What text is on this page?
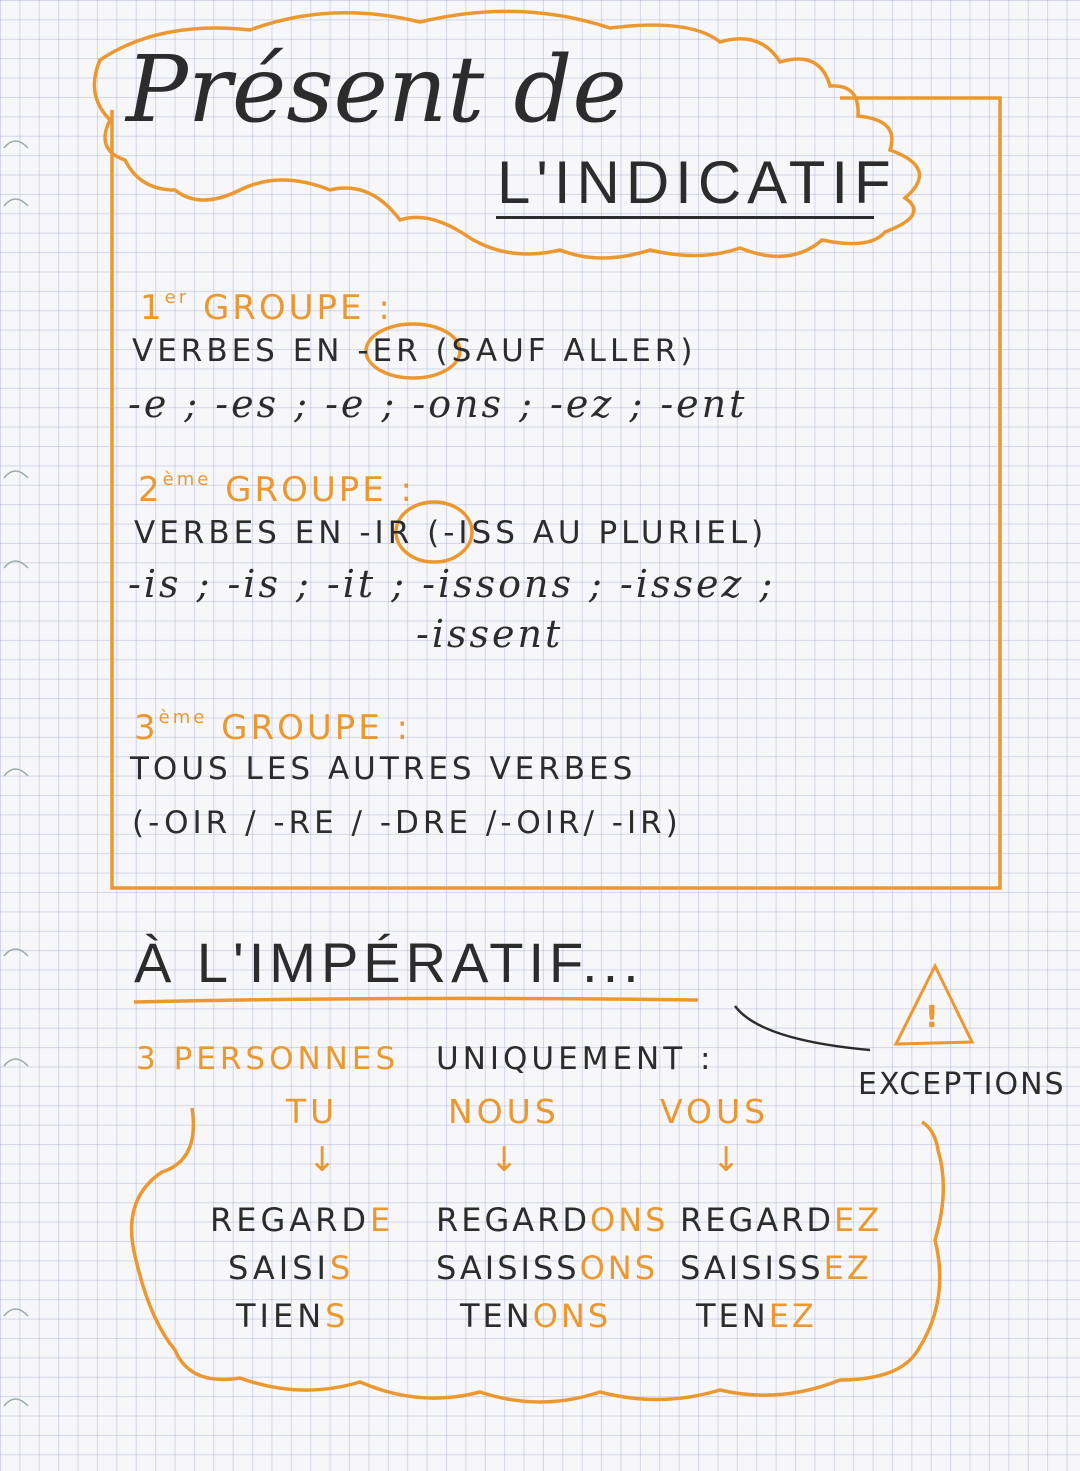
Présent de
L'INDICATIF
1er GROUPE :
VERBES EN -ER (SAUF ALLER)
-e ; -es ; -e ; -ons ; -ez ; -ent
2ème GROUPE :
VERBES EN -IR (-ISS AU PLURIEL)
-is ; -is ; -it ; -issons ; -issez ;
-issent
3ème GROUPE :
TOUS LES AUTRES VERBES
(-OIR / -RE / -DRE /-OIR/ -IR)
À L'IMPÉRATIF...
3 PERSONNES UNIQUEMENT :
!
EXCEPTIONS
TU
↓
REGARDE
SAISIS
TIENS
NOUS
↓
REGARDONS
SAISISSONS
TENONS
VOUS
↓
REGARDEZ
SAISISSEZ
TENEZ
